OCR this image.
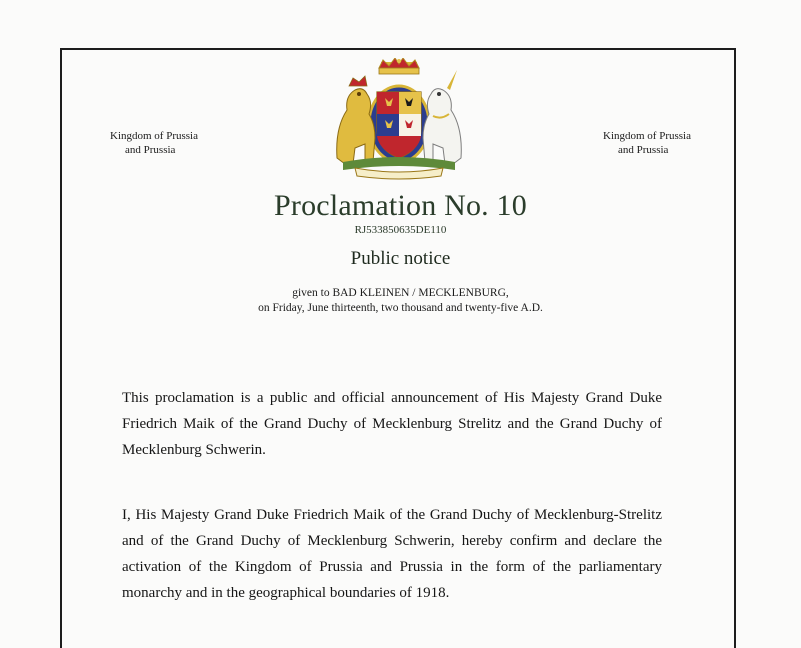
Kingdom of Prussia
and Prussia
Kingdom of Prussia
and Prussia
Proclamation No. 10
RJ533850635DE110
Public notice
given to BAD KLEINEN / MECKLENBURG,
on Friday, June thirteenth, two thousand and twenty-five A.D.

This proclamation is a public and official announcement of His Majesty Grand Duke Friedrich Maik of the Grand Duchy of Mecklenburg Strelitz and the Grand Duchy of Mecklenburg Schwerin.

I, His Majesty Grand Duke Friedrich Maik of the Grand Duchy of Mecklenburg-Strelitz and of the Grand Duchy of Mecklenburg Schwerin, hereby confirm and declare the activation of the Kingdom of Prussia and Prussia in the form of the parliamentary monarchy and in the geographical boundaries of 1918.
